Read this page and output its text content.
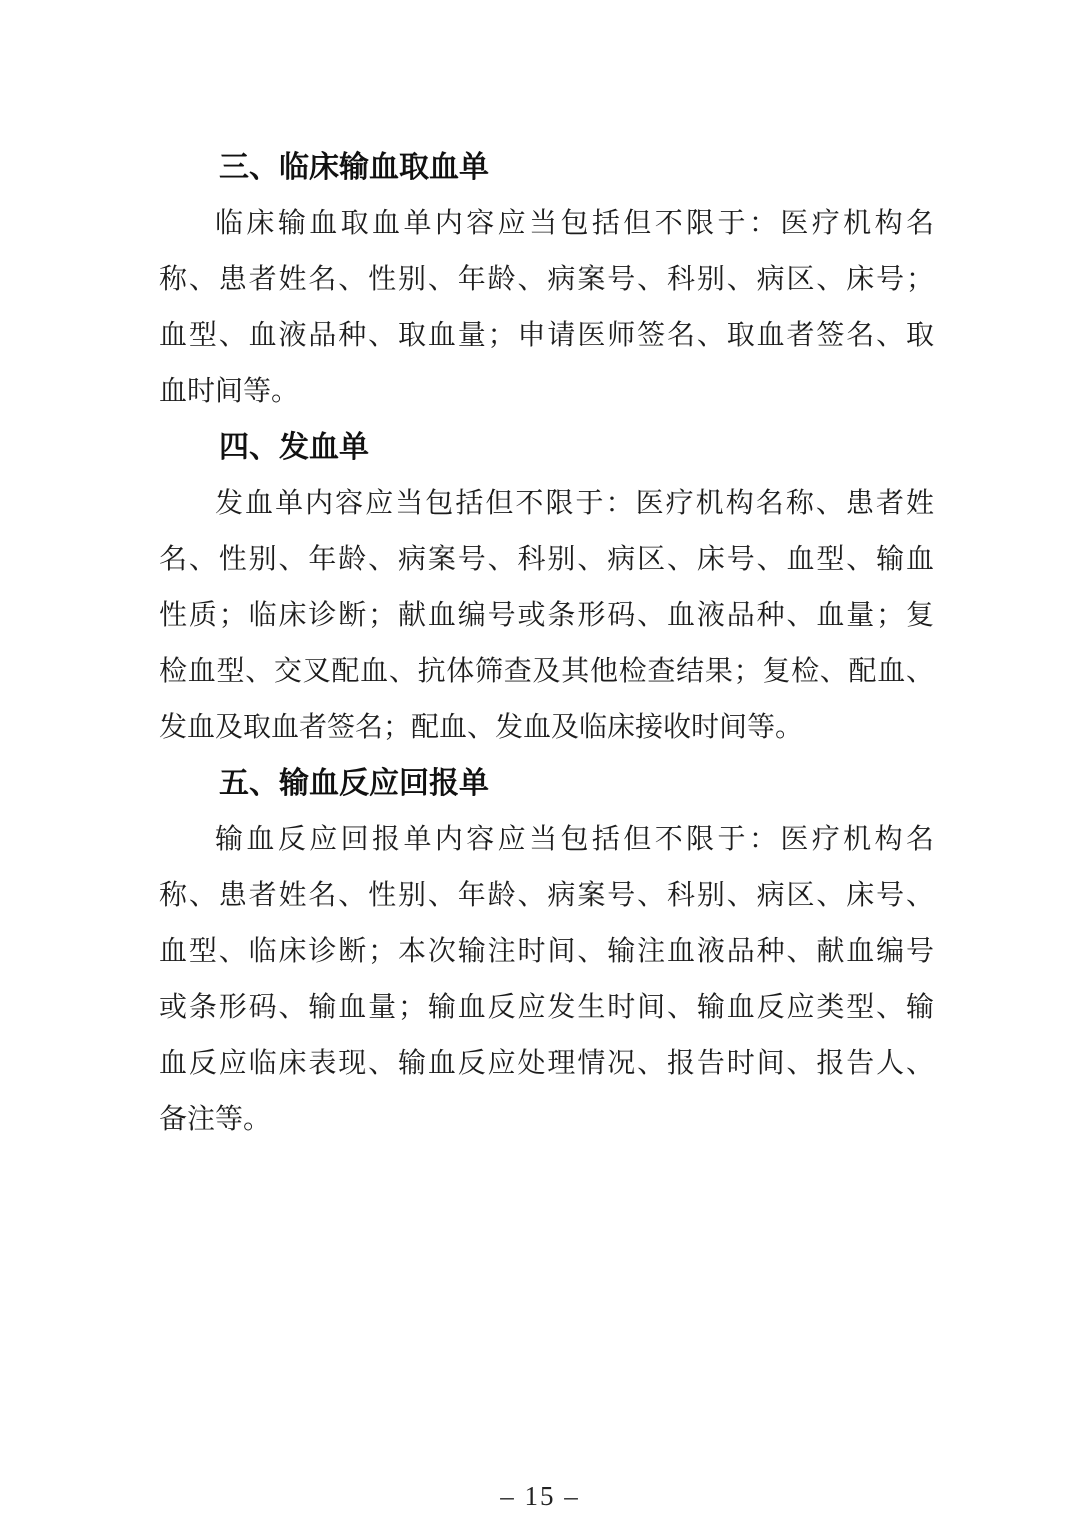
三、临床输血取血单

临床输血取血单内容应当包括但不限于：医疗机构名

称、患者姓名、性别、年龄、病案号、科别、病区、床号；

血型、血液品种、取血量；申请医师签名、取血者签名、取

血时间等。

四、发血单

发血单内容应当包括但不限于：医疗机构名称、患者姓

名、性别、年龄、病案号、科别、病区、床号、血型、输血

性质；临床诊断；献血编号或条形码、血液品种、血量；复

检血型、交叉配血、抗体筛查及其他检查结果；复检、配血、

发血及取血者签名；配血、发血及临床接收时间等。

五、输血反应回报单

输血反应回报单内容应当包括但不限于：医疗机构名

称、患者姓名、性别、年龄、病案号、科别、病区、床号、

血型、临床诊断；本次输注时间、输注血液品种、献血编号

或条形码、输血量；输血反应发生时间、输血反应类型、输

血反应临床表现、输血反应处理情况、报告时间、报告人、

备注等。

– 15 –
